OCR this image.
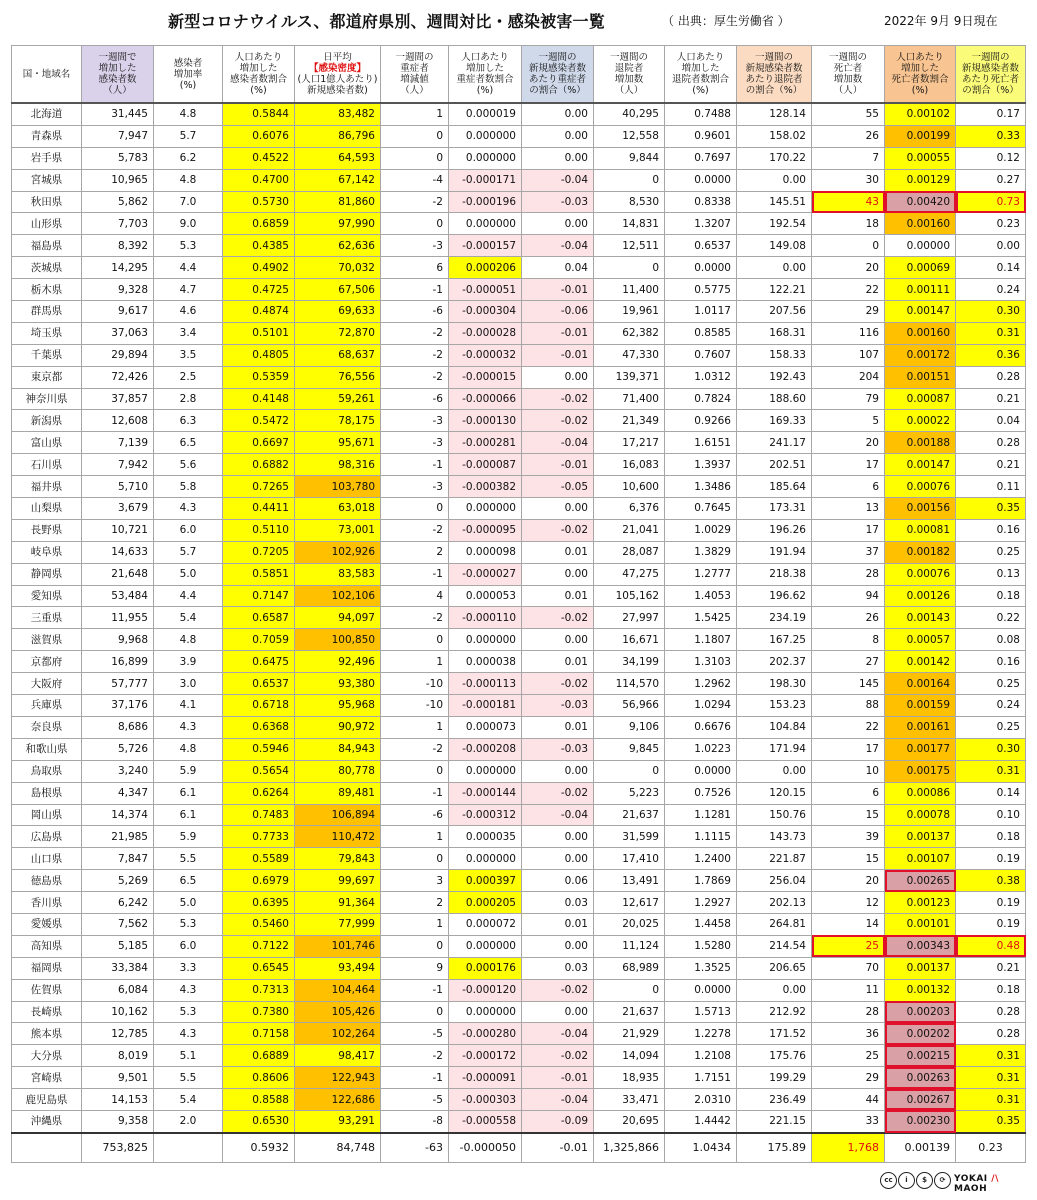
新型コロナウイルス、都道府県別、週間対比・感染被害一覧	（ 出典：厚生労働省 ）	2022年 9月 9日現在
国・地域名	一週間で
増加した
感染者数
（人）	感染者
増加率
(%)	人口あたり
増加した
感染者数割合
(%)	日平均
【感染密度】
(人口1億人あたり)
新規感染者数)	一週間の
重症者
増減値
（人）	人口あたり
増加した
重症者数割合
(%)	一週間の
新規感染者数
あたり重症者
の割合（%）	一週間の
退院者
増加数
（人）	人口あたり
増加した
退院者数割合
(%)	一週間の
新規感染者数
あたり退院者
の割合（%）	一週間の
死亡者
増加数
（人）	人口あたり
増加した
死亡者数割合
(%)	一週間の
新規感染者数
あたり死亡者
の割合（%）
北海道	31,445	4.8	0.5844	83,482	1	0.000019	0.00	40,295	0.7488	128.14	55	0.00102	0.17
青森県	7,947	5.7	0.6076	86,796	0	0.000000	0.00	12,558	0.9601	158.02	26	0.00199	0.33
岩手県	5,783	6.2	0.4522	64,593	0	0.000000	0.00	9,844	0.7697	170.22	7	0.00055	0.12
宮城県	10,965	4.8	0.4700	67,142	-4	-0.000171	-0.04	0	0.0000	0.00	30	0.00129	0.27
秋田県	5,862	7.0	0.5730	81,860	-2	-0.000196	-0.03	8,530	0.8338	145.51	43	0.00420	0.73
山形県	7,703	9.0	0.6859	97,990	0	0.000000	0.00	14,831	1.3207	192.54	18	0.00160	0.23
福島県	8,392	5.3	0.4385	62,636	-3	-0.000157	-0.04	12,511	0.6537	149.08	0	0.00000	0.00
茨城県	14,295	4.4	0.4902	70,032	6	0.000206	0.04	0	0.0000	0.00	20	0.00069	0.14
栃木県	9,328	4.7	0.4725	67,506	-1	-0.000051	-0.01	11,400	0.5775	122.21	22	0.00111	0.24
群馬県	9,617	4.6	0.4874	69,633	-6	-0.000304	-0.06	19,961	1.0117	207.56	29	0.00147	0.30
埼玉県	37,063	3.4	0.5101	72,870	-2	-0.000028	-0.01	62,382	0.8585	168.31	116	0.00160	0.31
千葉県	29,894	3.5	0.4805	68,637	-2	-0.000032	-0.01	47,330	0.7607	158.33	107	0.00172	0.36
東京都	72,426	2.5	0.5359	76,556	-2	-0.000015	0.00	139,371	1.0312	192.43	204	0.00151	0.28
神奈川県	37,857	2.8	0.4148	59,261	-6	-0.000066	-0.02	71,400	0.7824	188.60	79	0.00087	0.21
新潟県	12,608	6.3	0.5472	78,175	-3	-0.000130	-0.02	21,349	0.9266	169.33	5	0.00022	0.04
富山県	7,139	6.5	0.6697	95,671	-3	-0.000281	-0.04	17,217	1.6151	241.17	20	0.00188	0.28
石川県	7,942	5.6	0.6882	98,316	-1	-0.000087	-0.01	16,083	1.3937	202.51	17	0.00147	0.21
福井県	5,710	5.8	0.7265	103,780	-3	-0.000382	-0.05	10,600	1.3486	185.64	6	0.00076	0.11
山梨県	3,679	4.3	0.4411	63,018	0	0.000000	0.00	6,376	0.7645	173.31	13	0.00156	0.35
長野県	10,721	6.0	0.5110	73,001	-2	-0.000095	-0.02	21,041	1.0029	196.26	17	0.00081	0.16
岐阜県	14,633	5.7	0.7205	102,926	2	0.000098	0.01	28,087	1.3829	191.94	37	0.00182	0.25
静岡県	21,648	5.0	0.5851	83,583	-1	-0.000027	0.00	47,275	1.2777	218.38	28	0.00076	0.13
愛知県	53,484	4.4	0.7147	102,106	4	0.000053	0.01	105,162	1.4053	196.62	94	0.00126	0.18
三重県	11,955	5.4	0.6587	94,097	-2	-0.000110	-0.02	27,997	1.5425	234.19	26	0.00143	0.22
滋賀県	9,968	4.8	0.7059	100,850	0	0.000000	0.00	16,671	1.1807	167.25	8	0.00057	0.08
京都府	16,899	3.9	0.6475	92,496	1	0.000038	0.01	34,199	1.3103	202.37	27	0.00142	0.16
大阪府	57,777	3.0	0.6537	93,380	-10	-0.000113	-0.02	114,570	1.2962	198.30	145	0.00164	0.25
兵庫県	37,176	4.1	0.6718	95,968	-10	-0.000181	-0.03	56,966	1.0294	153.23	88	0.00159	0.24
奈良県	8,686	4.3	0.6368	90,972	1	0.000073	0.01	9,106	0.6676	104.84	22	0.00161	0.25
和歌山県	5,726	4.8	0.5946	84,943	-2	-0.000208	-0.03	9,845	1.0223	171.94	17	0.00177	0.30
鳥取県	3,240	5.9	0.5654	80,778	0	0.000000	0.00	0	0.0000	0.00	10	0.00175	0.31
島根県	4,347	6.1	0.6264	89,481	-1	-0.000144	-0.02	5,223	0.7526	120.15	6	0.00086	0.14
岡山県	14,374	6.1	0.7483	106,894	-6	-0.000312	-0.04	21,637	1.1281	150.76	15	0.00078	0.10
広島県	21,985	5.9	0.7733	110,472	1	0.000035	0.00	31,599	1.1115	143.73	39	0.00137	0.18
山口県	7,847	5.5	0.5589	79,843	0	0.000000	0.00	17,410	1.2400	221.87	15	0.00107	0.19
徳島県	5,269	6.5	0.6979	99,697	3	0.000397	0.06	13,491	1.7869	256.04	20	0.00265	0.38
香川県	6,242	5.0	0.6395	91,364	2	0.000205	0.03	12,617	1.2927	202.13	12	0.00123	0.19
愛媛県	7,562	5.3	0.5460	77,999	1	0.000072	0.01	20,025	1.4458	264.81	14	0.00101	0.19
高知県	5,185	6.0	0.7122	101,746	0	0.000000	0.00	11,124	1.5280	214.54	25	0.00343	0.48
福岡県	33,384	3.3	0.6545	93,494	9	0.000176	0.03	68,989	1.3525	206.65	70	0.00137	0.21
佐賀県	6,084	4.3	0.7313	104,464	-1	-0.000120	-0.02	0	0.0000	0.00	11	0.00132	0.18
長崎県	10,162	5.3	0.7380	105,426	0	0.000000	0.00	21,637	1.5713	212.92	28	0.00203	0.28
熊本県	12,785	4.3	0.7158	102,264	-5	-0.000280	-0.04	21,929	1.2278	171.52	36	0.00202	0.28
大分県	8,019	5.1	0.6889	98,417	-2	-0.000172	-0.02	14,094	1.2108	175.76	25	0.00215	0.31
宮崎県	9,501	5.5	0.8606	122,943	-1	-0.000091	-0.01	18,935	1.7151	199.29	29	0.00263	0.31
鹿児島県	14,153	5.4	0.8588	122,686	-5	-0.000303	-0.04	33,471	2.0310	236.49	44	0.00267	0.31
沖縄県	9,358	2.0	0.6530	93,291	-8	-0.000558	-0.09	20,695	1.4442	221.15	33	0.00230	0.35
	753,825		0.5932	84,748	-63	-0.000050	-0.01	1,325,866	1.0434	175.89	1,768	0.00139	0.23
cc	i	$	⟳ YOKAI /\ MAOH
